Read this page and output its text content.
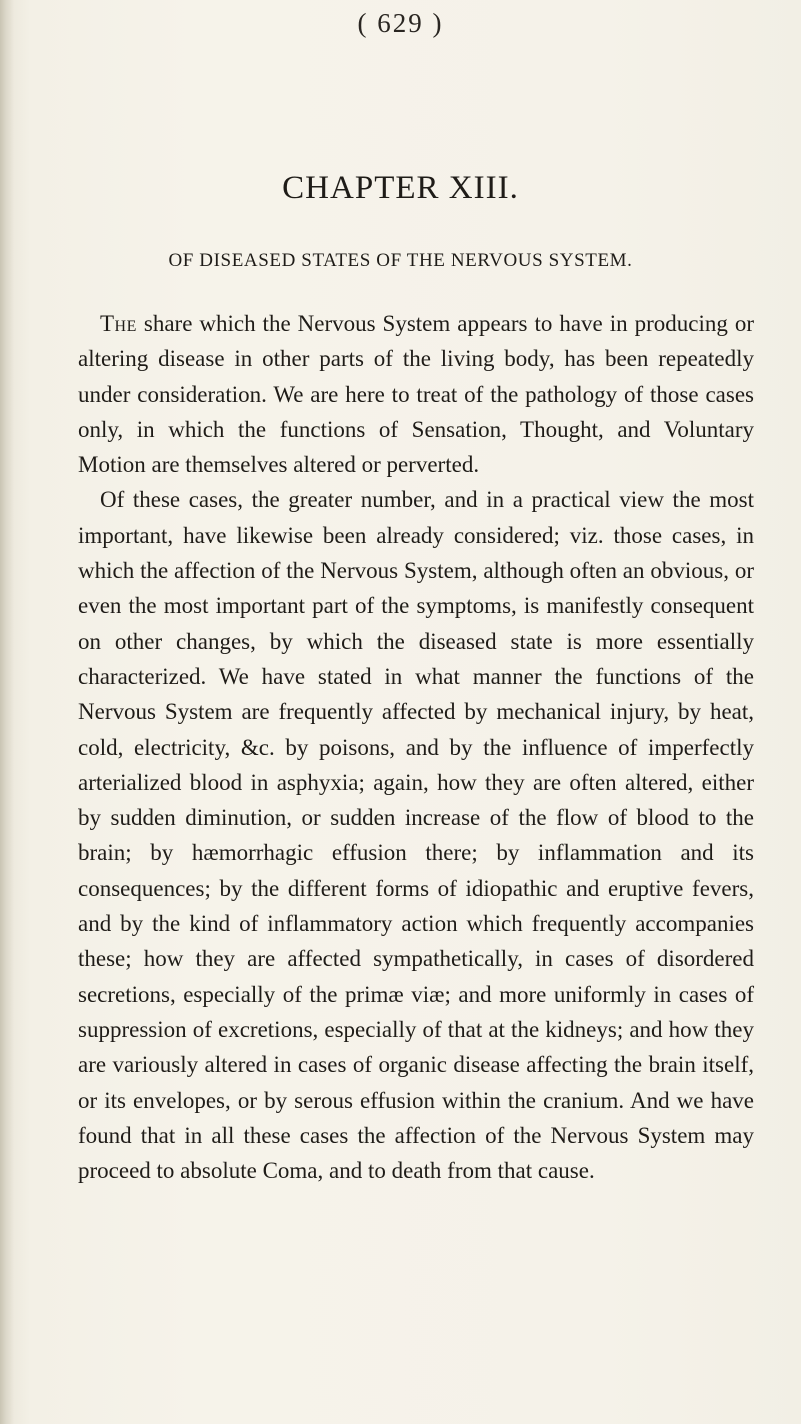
( 629 )
CHAPTER XIII.
OF DISEASED STATES OF THE NERVOUS SYSTEM.

The share which the Nervous System appears to have in producing or altering disease in other parts of the living body, has been repeatedly under consideration. We are here to treat of the pathology of those cases only, in which the functions of Sensation, Thought, and Voluntary Motion are themselves altered or perverted.

Of these cases, the greater number, and in a practical view the most important, have likewise been already considered; viz. those cases, in which the affection of the Nervous System, although often an obvious, or even the most important part of the symptoms, is manifestly consequent on other changes, by which the diseased state is more essentially characterized. We have stated in what manner the functions of the Nervous System are frequently affected by mechanical injury, by heat, cold, electricity, &c. by poisons, and by the influence of imperfectly arterialized blood in asphyxia; again, how they are often altered, either by sudden diminution, or sudden increase of the flow of blood to the brain; by hæmorrhagic effusion there; by inflammation and its consequences; by the different forms of idiopathic and eruptive fevers, and by the kind of inflammatory action which frequently accompanies these; how they are affected sympathetically, in cases of disordered secretions, especially of the primæ viæ; and more uniformly in cases of suppression of excretions, especially of that at the kidneys; and how they are variously altered in cases of organic disease affecting the brain itself, or its envelopes, or by serous effusion within the cranium. And we have found that in all these cases the affection of the Nervous System may proceed to absolute Coma, and to death from that cause.
